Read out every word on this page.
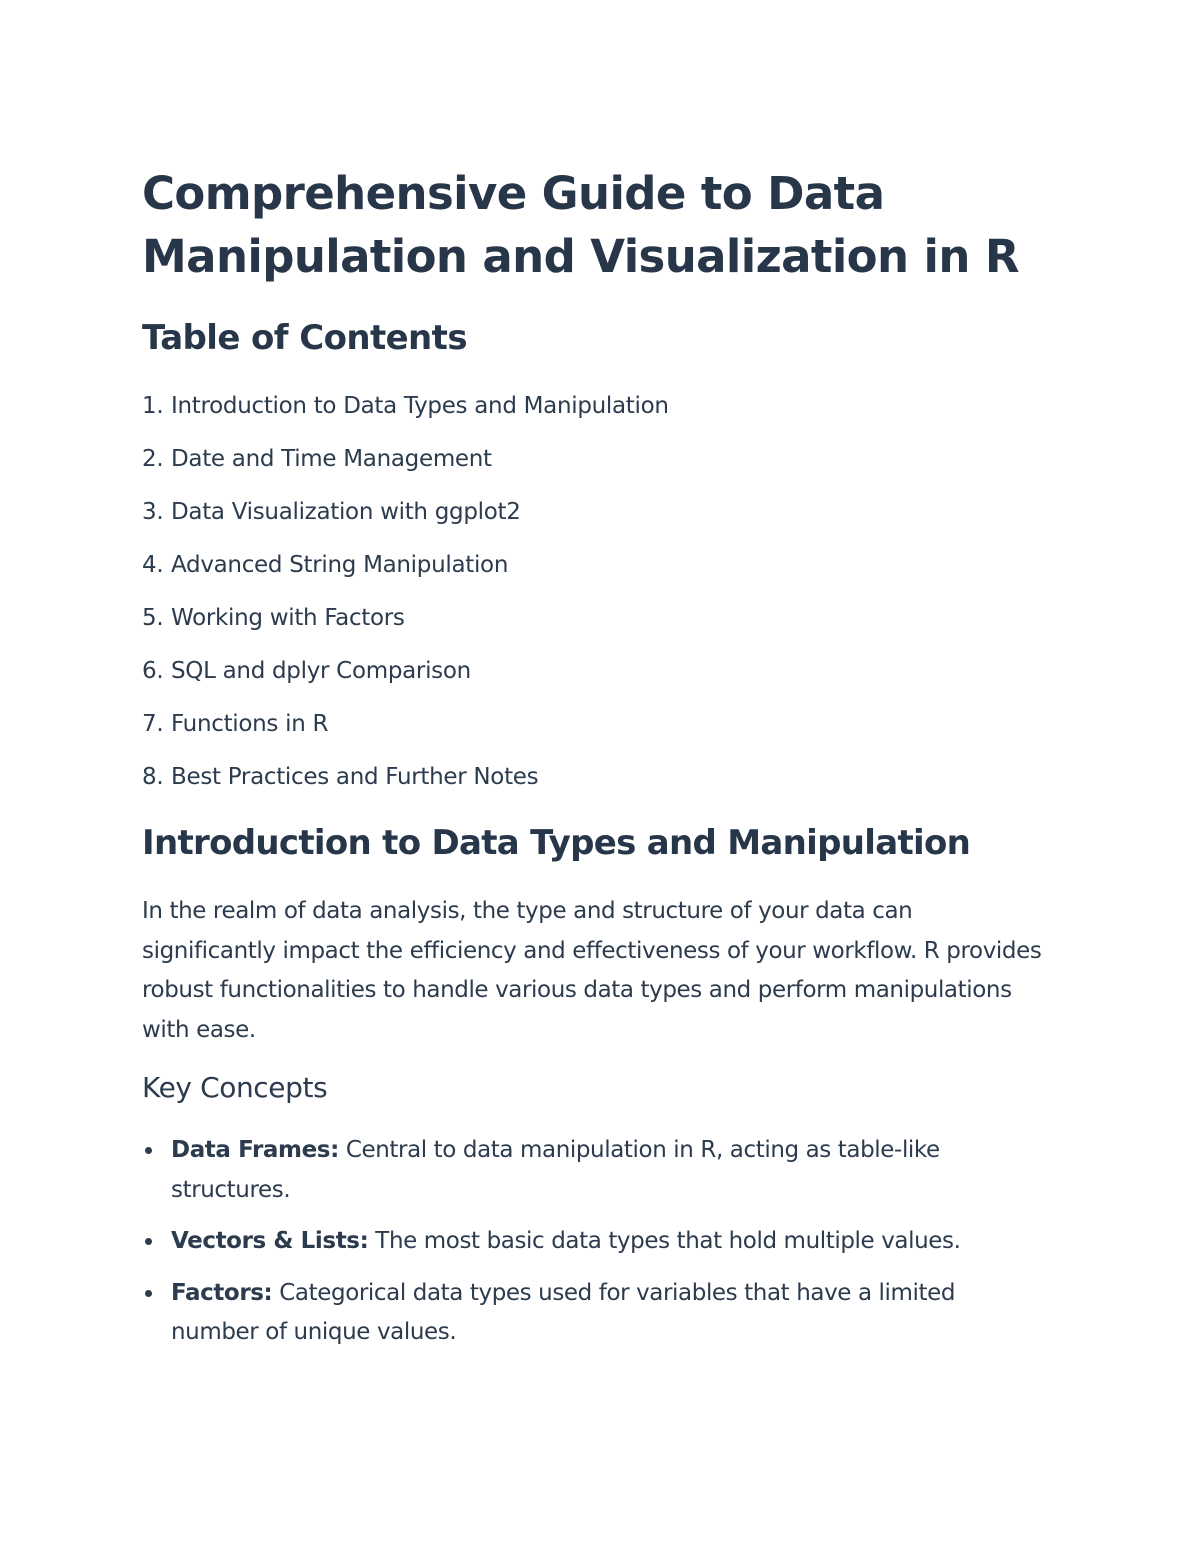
Comprehensive Guide to Data Manipulation and Visualization in R
Table of Contents
1. Introduction to Data Types and Manipulation
2. Date and Time Management
3. Data Visualization with ggplot2
4. Advanced String Manipulation
5. Working with Factors
6. SQL and dplyr Comparison
7. Functions in R
8. Best Practices and Further Notes
Introduction to Data Types and Manipulation

In the realm of data analysis, the type and structure of your data can significantly impact the efficiency and effectiveness of your workflow. R provides robust functionalities to handle various data types and perform manipulations with ease.

Key Concepts
Data Frames: Central to data manipulation in R, acting as table-like structures.
Vectors & Lists: The most basic data types that hold multiple values.
Factors: Categorical data types used for variables that have a limited number of unique values.
